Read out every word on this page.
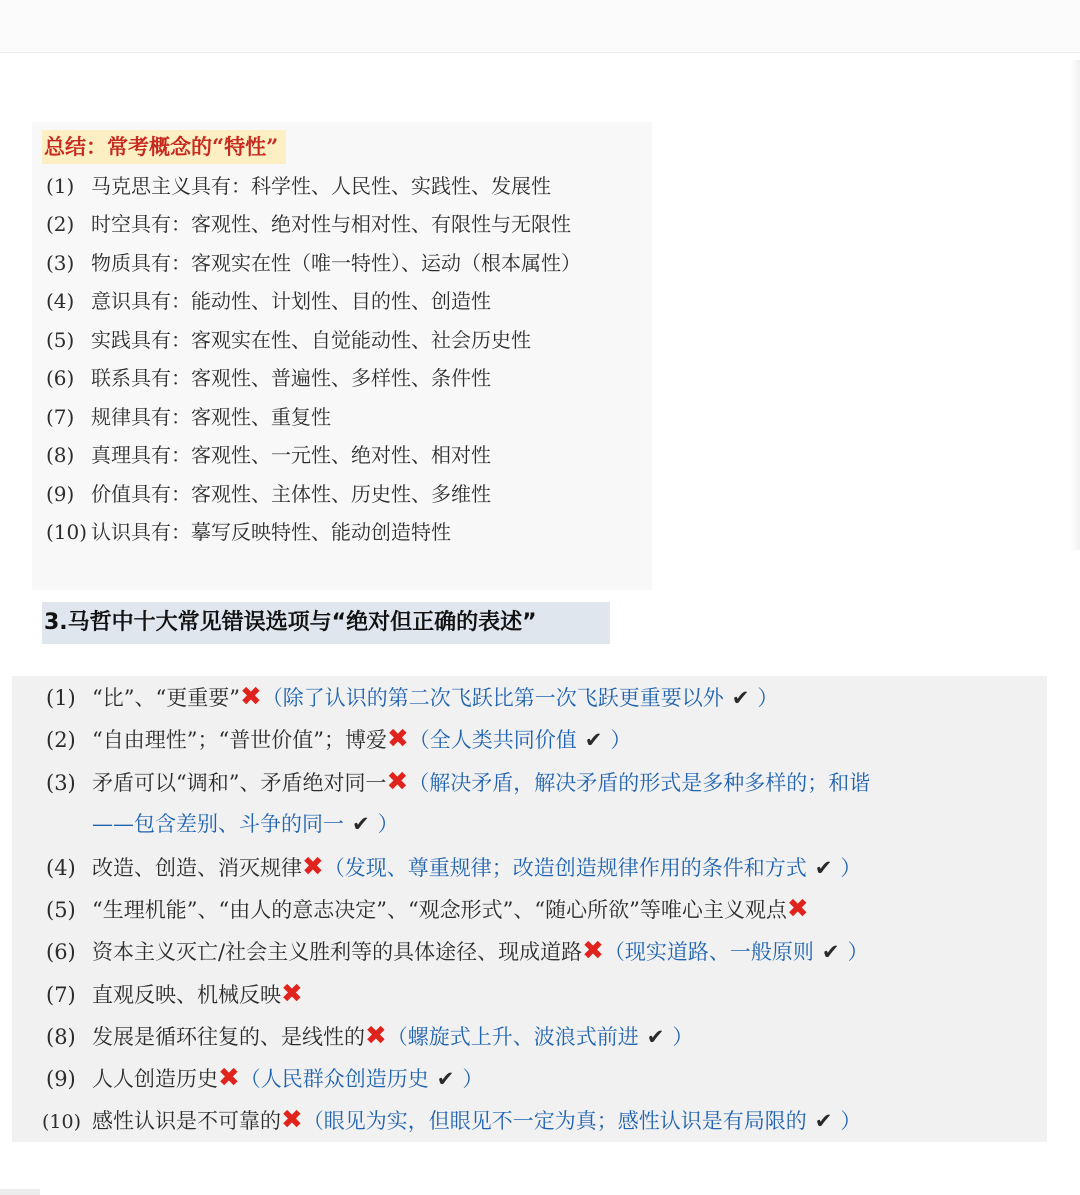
总结：常考概念的“特性”
(1) 马克思主义具有：科学性、人民性、实践性、发展性
(2) 时空具有：客观性、绝对性与相对性、有限性与无限性
(3) 物质具有：客观实在性（唯一特性）、运动（根本属性）
(4) 意识具有：能动性、计划性、目的性、创造性
(5) 实践具有：客观实在性、自觉能动性、社会历史性
(6) 联系具有：客观性、普遍性、多样性、条件性
(7) 规律具有：客观性、重复性
(8) 真理具有：客观性、一元性、绝对性、相对性
(9) 价值具有：客观性、主体性、历史性、多维性
(10) 认识具有：摹写反映特性、能动创造特性
3.马哲中十大常见错误选项与“绝对但正确的表述”
(1) “比”、“更重要”✖（除了认识的第二次飞跃比第一次飞跃更重要以外 ✔ ）
(2) “自由理性”；“普世价值”；博爱✖（全人类共同价值 ✔ ）
(3) 矛盾可以“调和”、矛盾绝对同一✖（解决矛盾，解决矛盾的形式是多种多样的；和谐
——包含差别、斗争的同一 ✔ ）
(4) 改造、创造、消灭规律✖（发现、尊重规律；改造创造规律作用的条件和方式 ✔ ）
(5) “生理机能”、“由人的意志决定”、“观念形式”、“随心所欲”等唯心主义观点✖
(6) 资本主义灭亡/社会主义胜利等的具体途径、现成道路✖（现实道路、一般原则 ✔ ）
(7) 直观反映、机械反映✖
(8) 发展是循环往复的、是线性的✖（螺旋式上升、波浪式前进 ✔ ）
(9) 人人创造历史✖（人民群众创造历史 ✔ ）
(10) 感性认识是不可靠的✖（眼见为实，但眼见不一定为真；感性认识是有局限的 ✔ ）
